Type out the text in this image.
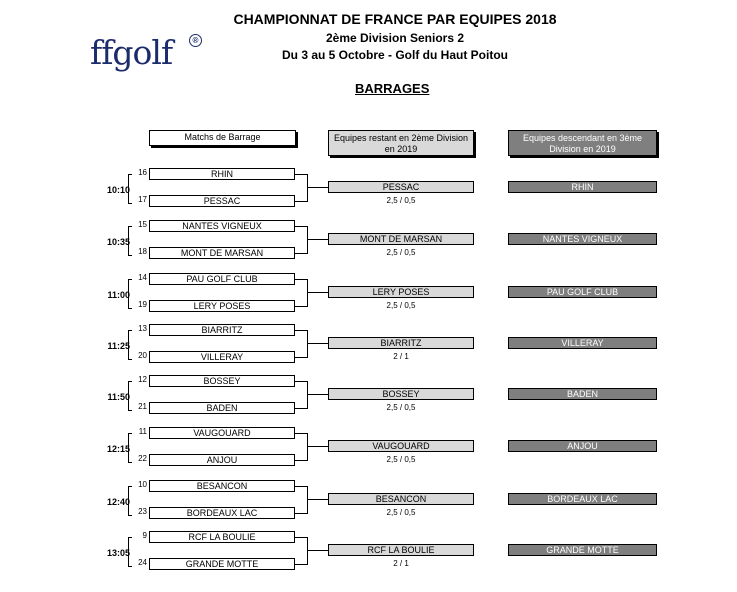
ffgolf	®
CHAMPIONNAT DE FRANCE PAR EQUIPES 2018
2ème Division Seniors 2
Du 3 au 5 Octobre - Golf du Haut Poitou
BARRAGES
Matchs de Barrage	Equipes restant en 2ème Division en 2019
Equipes descendant en 3ème Division en 2019
16
17
10:10
RHIN
PESSAC
PESSAC
2,5 / 0,5
RHIN
15
18
10:35
NANTES VIGNEUX
MONT DE MARSAN
MONT DE MARSAN
2,5 / 0,5
NANTES VIGNEUX
14
19
11:00
PAU GOLF CLUB
LERY POSES
LERY POSES
2,5 / 0,5
PAU GOLF CLUB
13
20
11:25
BIARRITZ
VILLERAY
BIARRITZ
2 / 1
VILLERAY
12
21
11:50
BOSSEY
BADEN
BOSSEY
2,5 / 0,5
BADEN
11
22
12:15
VAUGOUARD
ANJOU
VAUGOUARD
2,5 / 0,5
ANJOU
10
23
12:40
BESANCON
BORDEAUX LAC
BESANCON
2,5 / 0,5
BORDEAUX LAC
9
24
13:05
RCF LA BOULIE
GRANDE MOTTE
RCF LA BOULIE
2 / 1
GRANDE MOTTE
